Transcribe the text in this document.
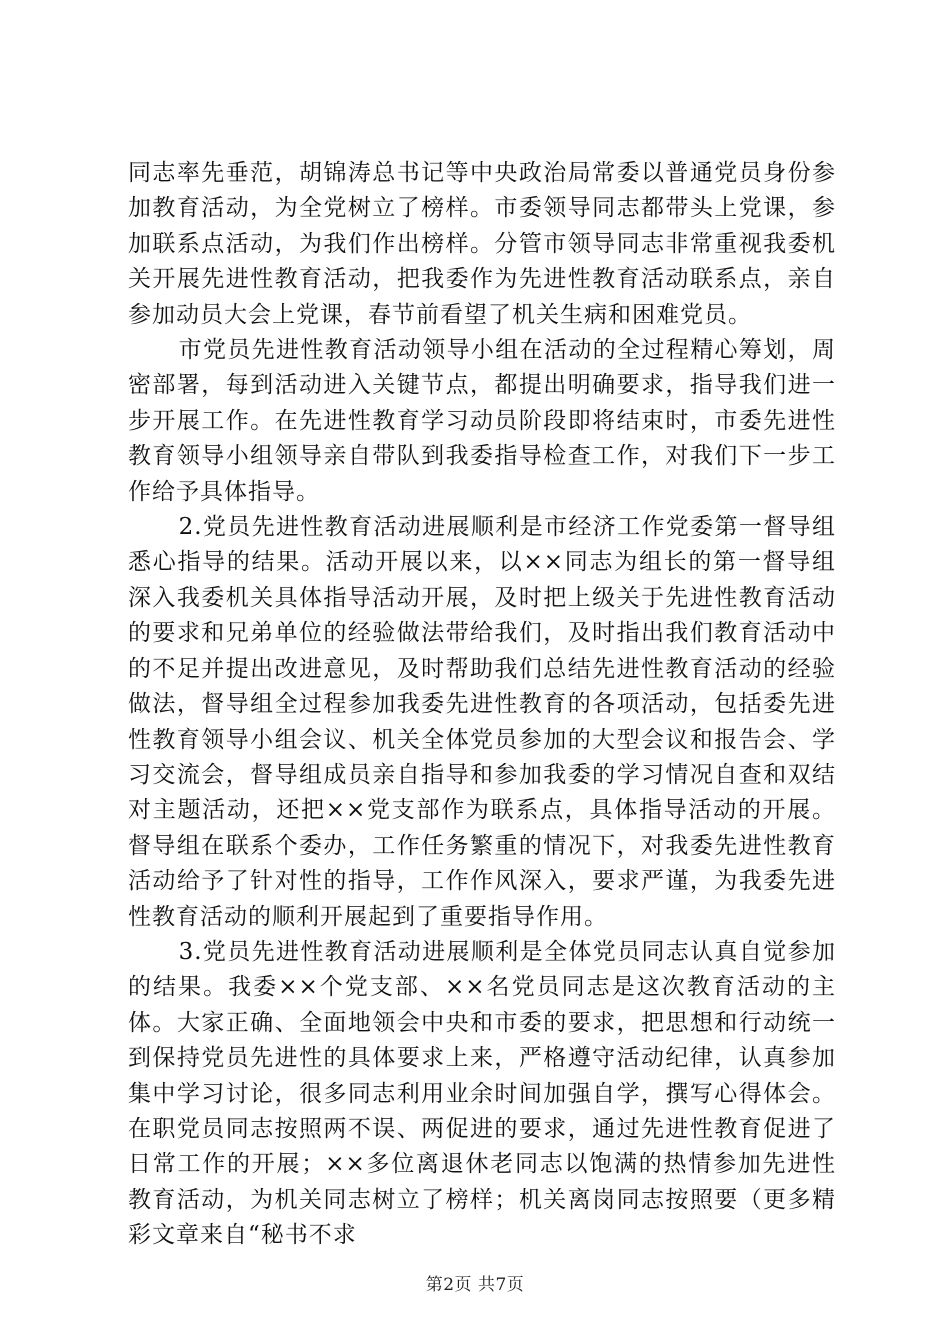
同志率先垂范，胡锦涛总书记等中央政治局常委以普通党员身份参加教育活动，为全党树立了榜样。市委领导同志都带头上党课，参加联系点活动，为我们作出榜样。分管市领导同志非常重视我委机关开展先进性教育活动，把我委作为先进性教育活动联系点，亲自参加动员大会上党课，春节前看望了机关生病和困难党员。

市党员先进性教育活动领导小组在活动的全过程精心筹划，周密部署，每到活动进入关键节点，都提出明确要求，指导我们进一步开展工作。在先进性教育学习动员阶段即将结束时，市委先进性教育领导小组领导亲自带队到我委指导检查工作，对我们下一步工作给予具体指导。

2.党员先进性教育活动进展顺利是市经济工作党委第一督导组悉心指导的结果。活动开展以来，以××同志为组长的第一督导组深入我委机关具体指导活动开展，及时把上级关于先进性教育活动的要求和兄弟单位的经验做法带给我们，及时指出我们教育活动中的不足并提出改进意见，及时帮助我们总结先进性教育活动的经验做法，督导组全过程参加我委先进性教育的各项活动，包括委先进性教育领导小组会议、机关全体党员参加的大型会议和报告会、学习交流会，督导组成员亲自指导和参加我委的学习情况自查和双结对主题活动，还把××党支部作为联系点，具体指导活动的开展。督导组在联系个委办，工作任务繁重的情况下，对我委先进性教育活动给予了针对性的指导，工作作风深入，要求严谨，为我委先进性教育活动的顺利开展起到了重要指导作用。

3.党员先进性教育活动进展顺利是全体党员同志认真自觉参加的结果。我委××个党支部、××名党员同志是这次教育活动的主体。大家正确、全面地领会中央和市委的要求，把思想和行动统一到保持党员先进性的具体要求上来，严格遵守活动纪律，认真参加集中学习讨论，很多同志利用业余时间加强自学，撰写心得体会。在职党员同志按照两不误、两促进的要求，通过先进性教育促进了日常工作的开展；××多位离退休老同志以饱满的热情参加先进性教育活动，为机关同志树立了榜样；机关离岗同志按照要（更多精彩文章来自“秘书不求

第2页 共7页
